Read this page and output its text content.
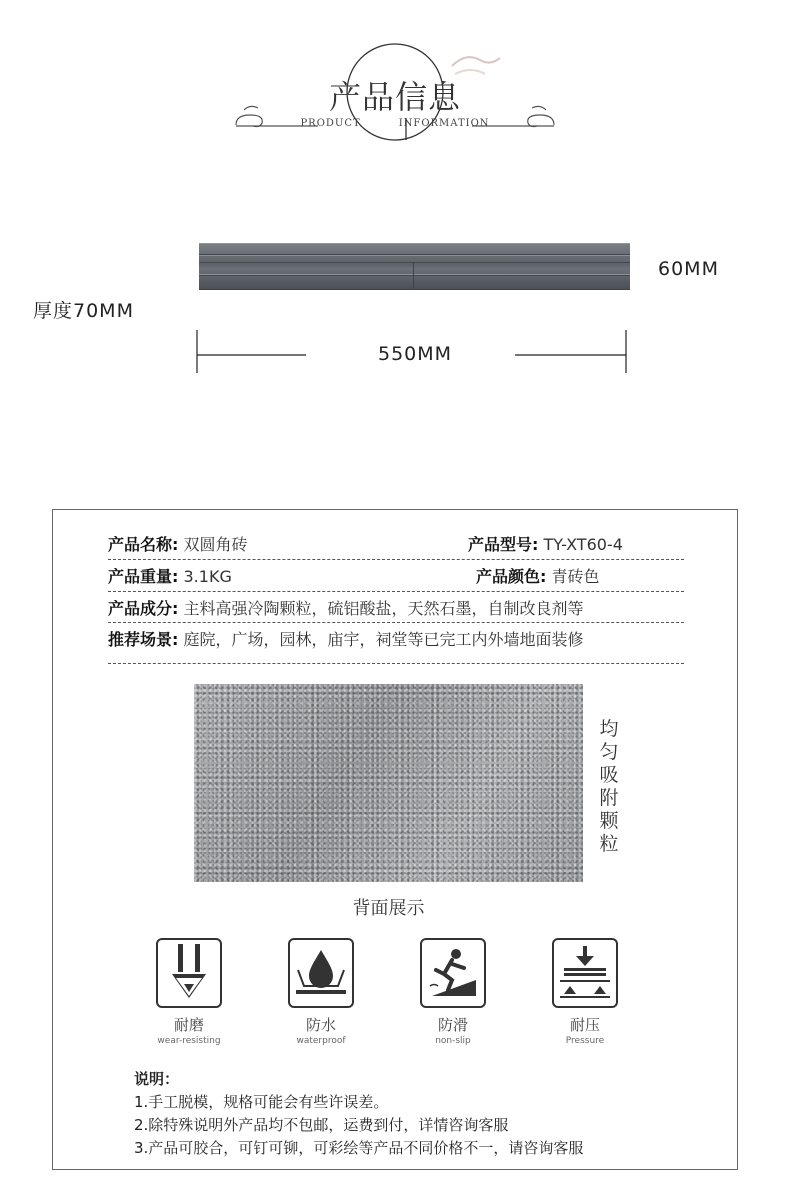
产品信息
PRODUCT	INFORMATION
60MM
厚度70MM
550MM
产品名称: 双圆角砖	产品型号: TY-XT60-4
产品重量: 3.1KG	产品颜色: 青砖色
产品成分: 主料高强冷陶颗粒，硫铝酸盐，天然石墨，自制改良剂等
推荐场景: 庭院，广场，园林，庙宇，祠堂等已完工内外墙地面装修
均
匀
吸
附
颗
粒
背面展示
耐磨
wear-resisting
防水
waterproof
防滑
non-slip
耐压
Pressure
说明：
1.手工脱模，规格可能会有些许误差。
2.除特殊说明外产品均不包邮，运费到付，详情咨询客服
3.产品可胶合，可钉可铆，可彩绘等产品不同价格不一，请咨询客服
